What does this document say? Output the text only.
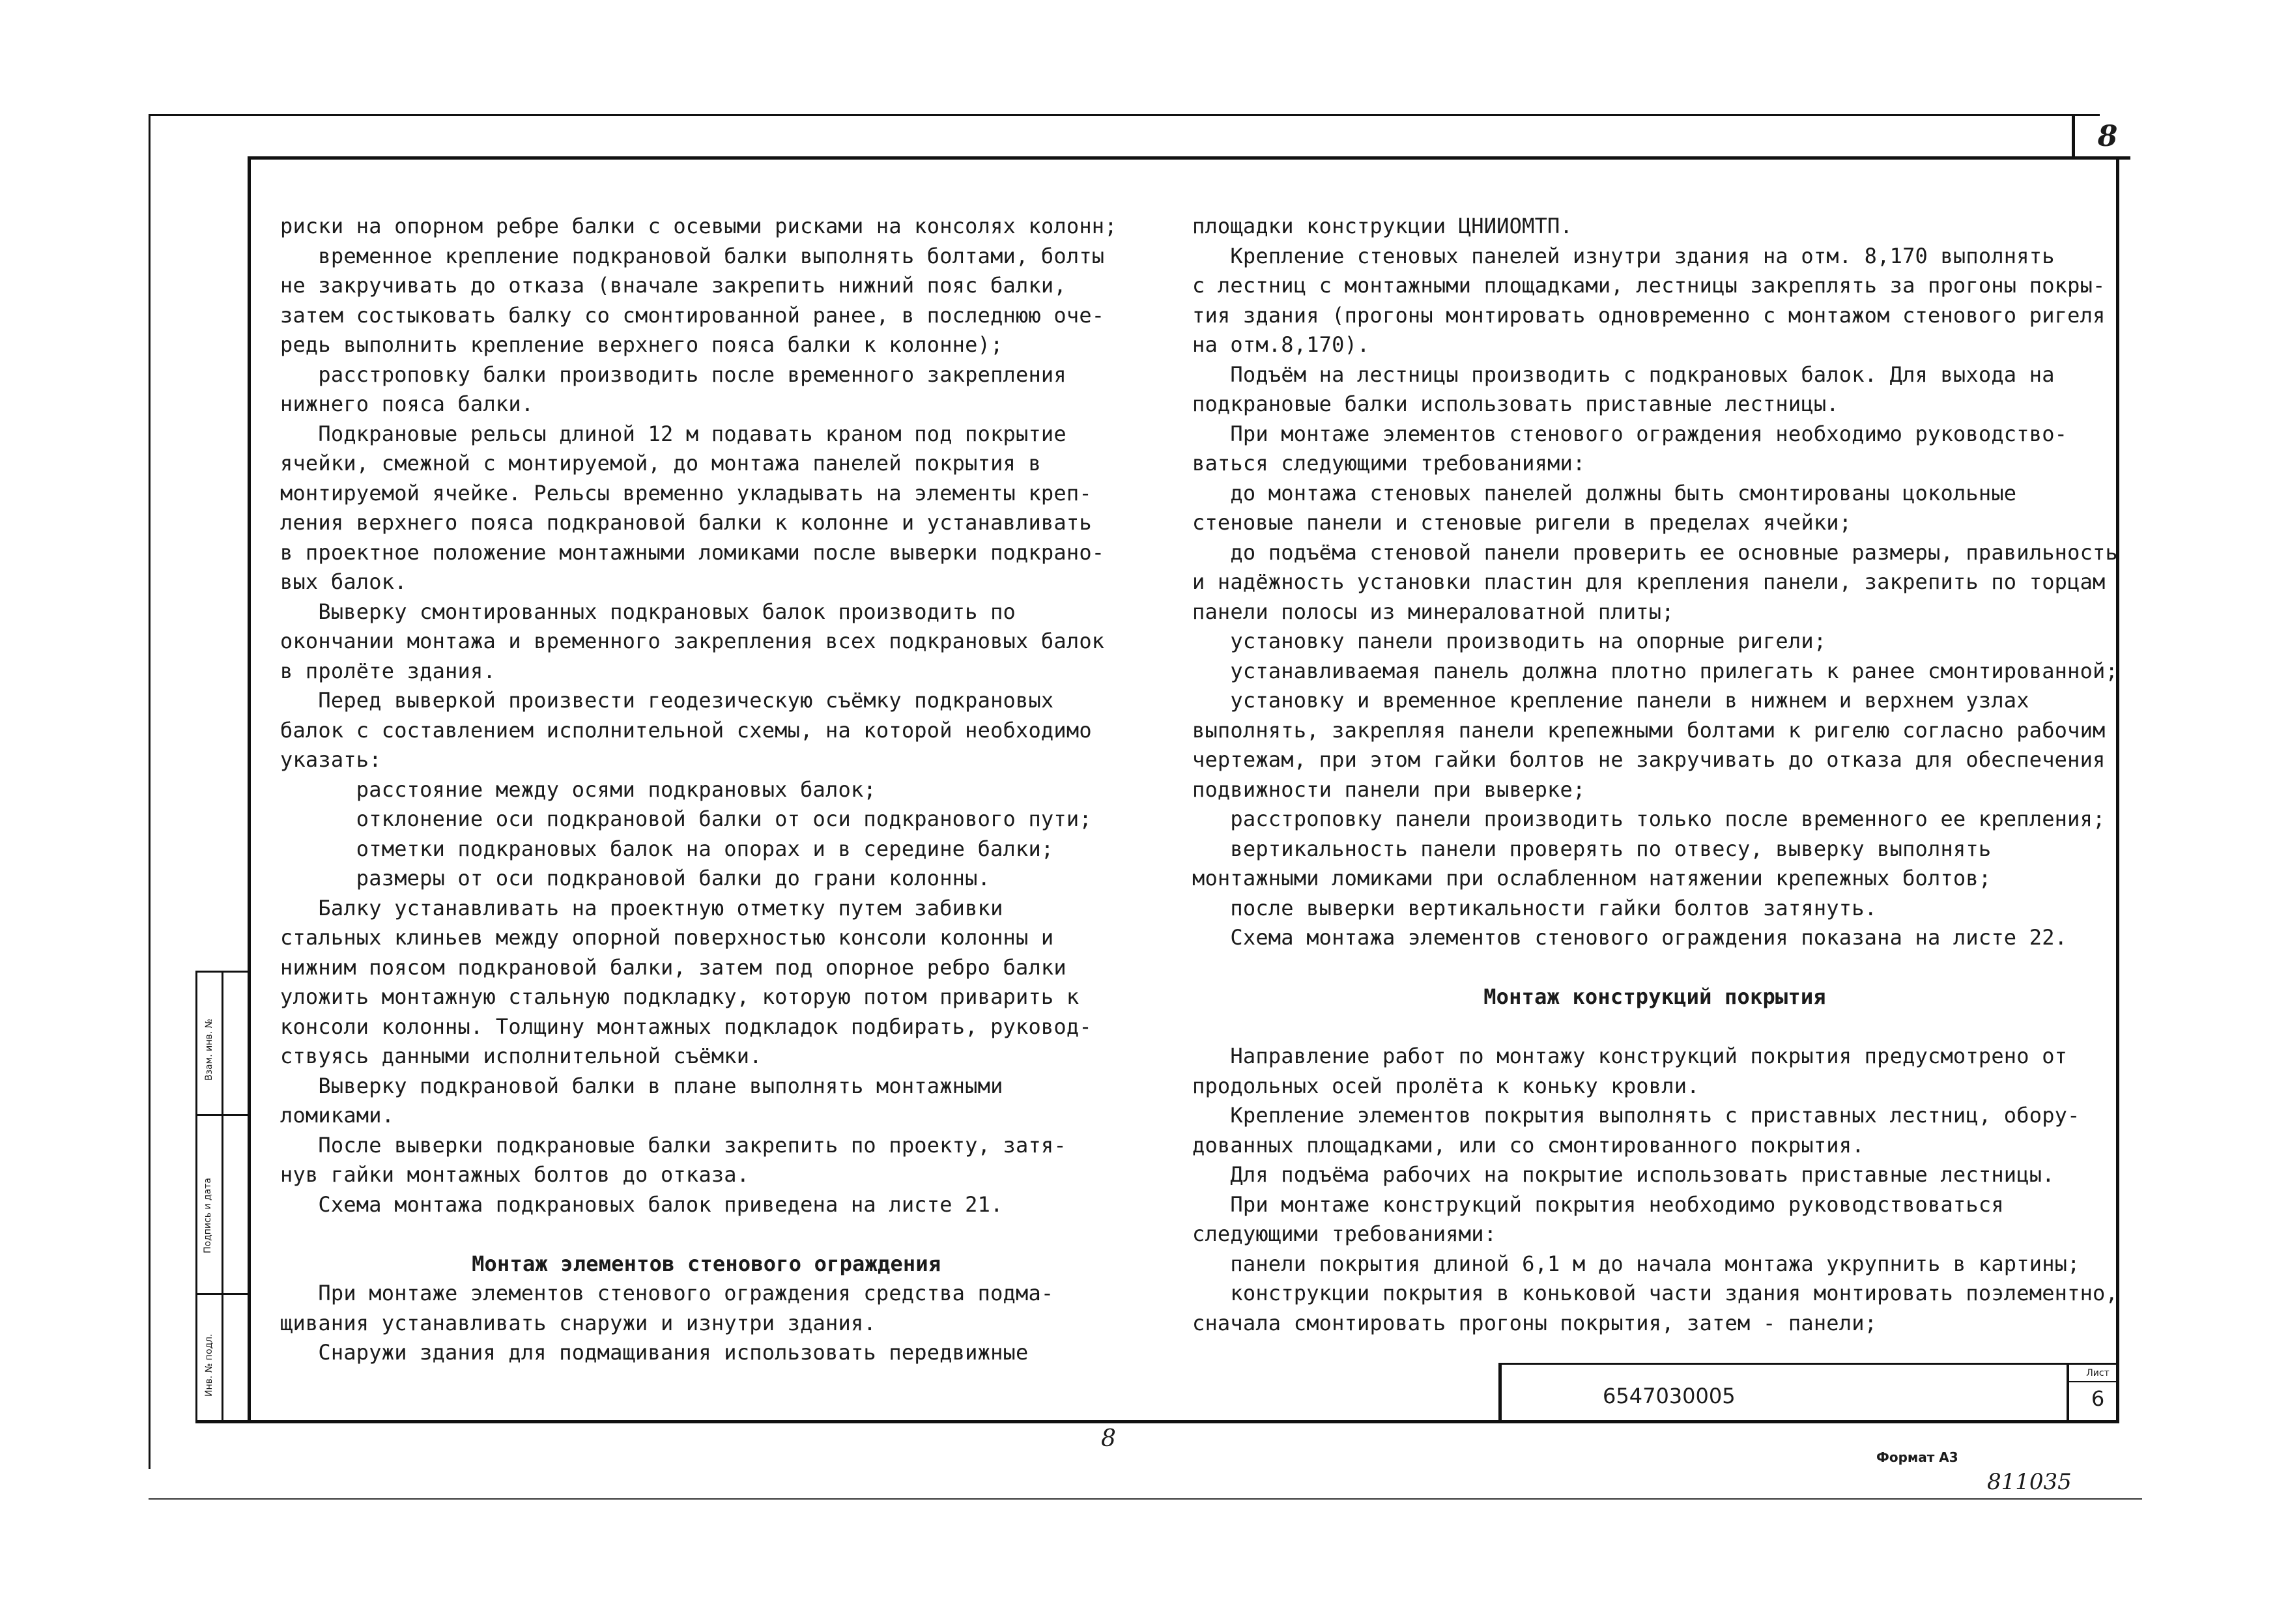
8
Взам. инв. №
Подпись и дата
Инв. № подл.

риски на опорном ребре балки с осевыми рисками на консолях колонн;

временное крепление подкрановой балки выполнять болтами, болты

не закручивать до отказа (вначале закрепить нижний пояс балки,

затем состыковать балку со смонтированной ранее, в последнюю оче-

редь выполнить крепление верхнего пояса балки к колонне);

расстроповку балки производить после временного закрепления

нижнего пояса балки.

Подкрановые рельсы длиной 12 м подавать краном под покрытие

ячейки, смежной с монтируемой, до монтажа панелей покрытия в

монтируемой ячейке. Рельсы временно укладывать на элементы креп-

ления верхнего пояса подкрановой балки к колонне и устанавливать

в проектное положение монтажными ломиками после выверки подкрано-

вых балок.

Выверку смонтированных подкрановых балок производить по

окончании монтажа и временного закрепления всех подкрановых балок

в пролёте здания.

Перед выверкой произвести геодезическую съёмку подкрановых

балок с составлением исполнительной схемы, на которой необходимо

указать:

расстояние между осями подкрановых балок;

отклонение оси подкрановой балки от оси подкранового пути;

отметки подкрановых балок на опорах и в середине балки;

размеры от оси подкрановой балки до грани колонны.

Балку устанавливать на проектную отметку путем забивки

стальных клиньев между опорной поверхностью консоли колонны и

нижним поясом подкрановой балки, затем под опорное ребро балки

уложить монтажную стальную подкладку, которую потом приварить к

консоли колонны. Толщину монтажных подкладок подбирать, руковод-

ствуясь данными исполнительной съёмки.

Выверку подкрановой балки в плане выполнять монтажными

ломиками.

После выверки подкрановые балки закрепить по проекту, затя-

нув гайки монтажных болтов до отказа.

Схема монтажа подкрановых балок приведена на листе 21.

Монтаж элементов стенового ограждения

При монтаже элементов стенового ограждения средства подма-

щивания устанавливать снаружи и изнутри здания.

Снаружи здания для подмащивания использовать передвижные

площадки конструкции ЦНИИОМТП.

Крепление стеновых панелей изнутри здания на отм. 8,170 выполнять

с лестниц с монтажными площадками, лестницы закреплять за прогоны покры-

тия здания (прогоны монтировать одновременно с монтажом стенового ригеля

на отм.8,170).

Подъём на лестницы производить с подкрановых балок. Для выхода на

подкрановые балки использовать приставные лестницы.

При монтаже элементов стенового ограждения необходимо руководство-

ваться следующими требованиями:

до монтажа стеновых панелей должны быть смонтированы цокольные

стеновые панели и стеновые ригели в пределах ячейки;

до подъёма стеновой панели проверить ее основные размеры, правильность

и надёжность установки пластин для крепления панели, закрепить по торцам

панели полосы из минераловатной плиты;

установку панели производить на опорные ригели;

устанавливаемая панель должна плотно прилегать к ранее смонтированной;

установку и временное крепление панели в нижнем и верхнем узлах

выполнять, закрепляя панели крепежными болтами к ригелю согласно рабочим

чертежам, при этом гайки болтов не закручивать до отказа для обеспечения

подвижности панели при выверке;

расстроповку панели производить только после временного ее крепления;

вертикальность панели проверять по отвесу, выверку выполнять

монтажными ломиками при ослабленном натяжении крепежных болтов;

после выверки вертикальности гайки болтов затянуть.

Схема монтажа элементов стенового ограждения показана на листе 22.

Монтаж конструкций покрытия

Направление работ по монтажу конструкций покрытия предусмотрено от

продольных осей пролёта к коньку кровли.

Крепление элементов покрытия выполнять с приставных лестниц, обору-

дованных площадками, или со смонтированного покрытия.

Для подъёма рабочих на покрытие использовать приставные лестницы.

При монтаже конструкций покрытия необходимо руководствоваться

следующими требованиями:

панели покрытия длиной 6,1 м до начала монтажа укрупнить в картины;

конструкции покрытия в коньковой части здания монтировать поэлементно,

сначала смонтировать прогоны покрытия, затем - панели;

6547030005
Лист
6
8
Формат А3
811035
